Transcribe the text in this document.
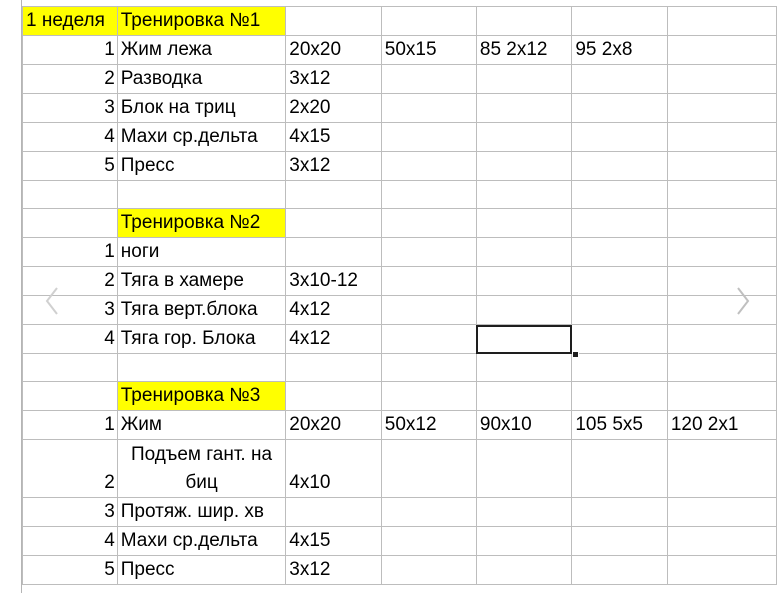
1 неделя	Тренировка №1					
1	Жим лежа	20x20	50x15	85 2x12	95 2x8	
2	Разводка	3x12				
3	Блок на триц	2x20				
4	Махи ср.дельта	4x15				
5	Пресс	3x12				

	Тренировка №2					
1	ноги					
2	Тяга в хамере	3x10-12				
3	Тяга верт.блока	4x12				
4	Тяга гор. Блока	4x12				

	Тренировка №3					
1	Жим	20x20	50x12	90x10	105 5x5	120 2x1
2	Подъем гант. на биц	4x10				
3	Протяж. шир. хв					
4	Махи ср.дельта	4x15				
5	Пресс	3x12				
